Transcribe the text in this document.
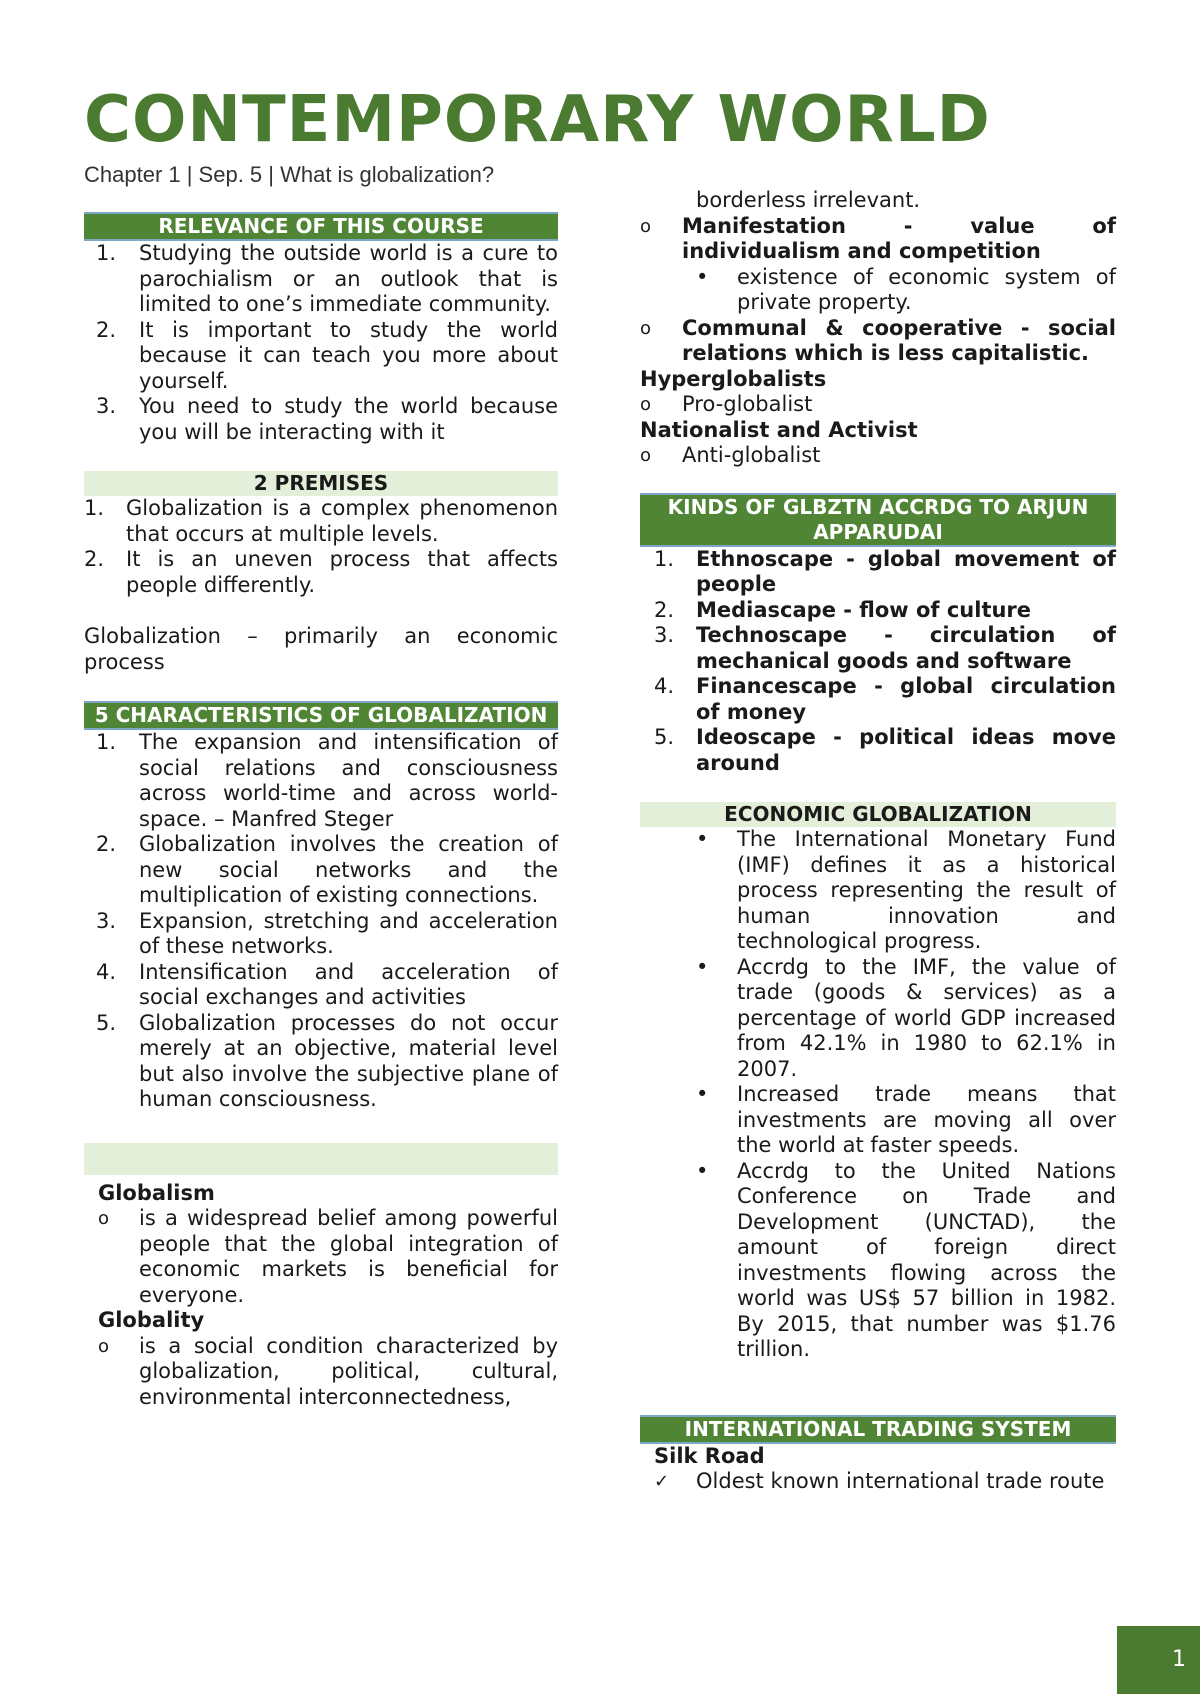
CONTEMPORARY WORLD
Chapter 1 | Sep. 5 | What is globalization?
RELEVANCE OF THIS COURSE
1. Studying the outside world is a cure to parochialism or an outlook that is limited to one’s immediate community.
2. It is important to study the world because it can teach you more about yourself.
3. You need to study the world because you will be interacting with it
2 PREMISES
1. Globalization is a complex phenomenon that occurs at multiple levels.
2. It is an uneven process that affects people differently.
Globalization – primarily an economic process
5 CHARACTERISTICS OF GLOBALIZATION
1. The expansion and intensification of social relations and consciousness across world-time and across world-space. – Manfred Steger
2. Globalization involves the creation of new social networks and the multiplication of existing connections.
3. Expansion, stretching and acceleration of these networks.
4. Intensification and acceleration of social exchanges and activities
5. Globalization processes do not occur merely at an objective, material level but also involve the subjective plane of human consciousness.
Globalism
o is a widespread belief among powerful people that the global integration of economic markets is beneficial for everyone.
Globality
o is a social condition characterized by globalization, political, cultural, environmental interconnectedness,
borderless irrelevant.
o Manifestation - value of individualism and competition
• existence of economic system of private property.
o Communal & cooperative - social relations which is less capitalistic.
Hyperglobalists
o Pro-globalist
Nationalist and Activist
o Anti-globalist
KINDS OF GLBZTN ACCRDG TO ARJUN APPARUDAI
1. Ethnoscape - global movement of people
2. Mediascape - flow of culture
3. Technoscape - circulation of mechanical goods and software
4. Financescape - global circulation of money
5. Ideoscape - political ideas move around
ECONOMIC GLOBALIZATION
• The International Monetary Fund (IMF) defines it as a historical process representing the result of human innovation and technological progress.
• Accrdg to the IMF, the value of trade (goods & services) as a percentage of world GDP increased from 42.1% in 1980 to 62.1% in 2007.
• Increased trade means that investments are moving all over the world at faster speeds.
• Accrdg to the United Nations Conference on Trade and Development (UNCTAD), the amount of foreign direct investments flowing across the world was US$ 57 billion in 1982. By 2015, that number was $1.76 trillion.
INTERNATIONAL TRADING SYSTEM
Silk Road
✓ Oldest known international trade route
1
